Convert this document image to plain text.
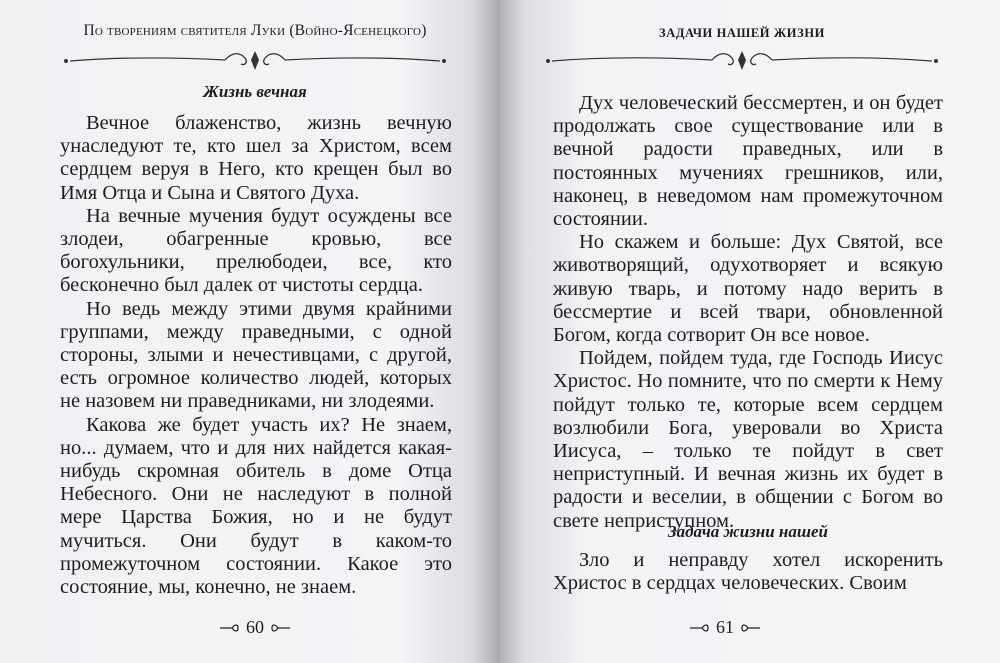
По творениям святителя Луки (Войно-Ясенецкого)
Жизнь вечная

Вечное блаженство, жизнь вечную унаследуют те, кто шел за Христом, всем сердцем веруя в Него, кто крещен был во Имя Отца и Сына и Святого Духа.

На вечные мучения будут осуждены все злодеи, обагренные кровью, все богохульники, прелюбодеи, все, кто бесконечно был далек от чистоты сердца.

Но ведь между этими двумя крайними группами, между праведными, с одной стороны, злыми и нечестивцами, с другой, есть огромное количество людей, которых не назовем ни праведниками, ни злодеями.

Какова же будет участь их? Не знаем, но... думаем, что и для них найдется какая-нибудь скромная обитель в доме Отца Небесного. Они не наследуют в полной мере Царства Божия, но и не будут мучиться. Они будут в каком-то промежуточном состоянии. Какое это состояние, мы, конечно, не знаем.

60
ЗАДАЧИ НАШЕЙ ЖИЗНИ

Дух человеческий бессмертен, и он будет продолжать свое существование или в вечной радости праведных, или в постоянных мучениях грешников, или, наконец, в неведомом нам промежуточном состоянии.

Но скажем и больше: Дух Святой, все животворящий, одухотворяет и всякую живую тварь, и потому надо верить в бессмертие и всей твари, обновленной Богом, когда сотворит Он все новое.

Пойдем, пойдем туда, где Господь Иисус Христос. Но помните, что по смерти к Нему пойдут только те, которые всем сердцем возлюбили Бога, уверовали во Христа Иисуса, – только те пойдут в свет неприступный. И вечная жизнь их будет в радости и веселии, в общении с Богом во свете неприступном.

Задача жизни нашей

Зло и неправду хотел искоренить Христос в сердцах человеческих. Своим

61
